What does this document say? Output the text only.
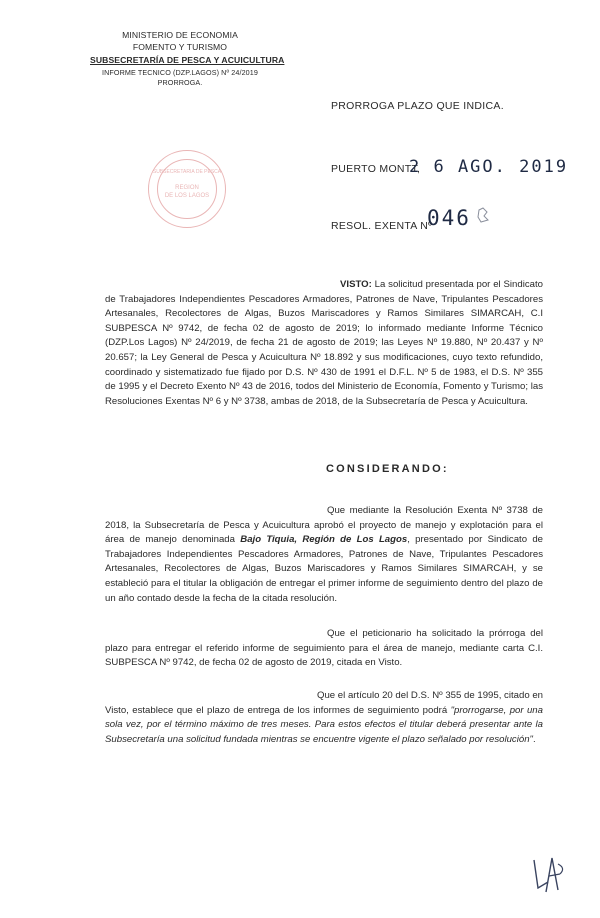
MINISTERIO DE ECONOMIA
FOMENTO Y TURISMO
SUBSECRETARÍA DE PESCA Y ACUICULTURA
INFORME TECNICO (DZP.LAGOS) Nº 24/2019
PRORROGA.
PRORROGA PLAZO QUE INDICA.
SUBSECRETARIA DE PESCA
REGION
DE LOS LAGOS
PUERTO MONTT,
2 6 AGO. 2019
RESOL. EXENTA Nº
046
VISTO: La solicitud presentada por el Sindicato de Trabajadores Independientes Pescadores Armadores, Patrones de Nave, Tripulantes Pescadores Artesanales, Recolectores de Algas, Buzos Mariscadores y Ramos Similares SIMARCAH, C.I SUBPESCA Nº 9742, de fecha 02 de agosto de 2019; lo informado mediante Informe Técnico (DZP.Los Lagos) Nº 24/2019, de fecha 21 de agosto de 2019; las Leyes Nº 19.880, Nº 20.437 y Nº 20.657; la Ley General de Pesca y Acuicultura Nº 18.892 y sus modificaciones, cuyo texto refundido, coordinado y sistematizado fue fijado por D.S. Nº 430 de 1991 el D.F.L. Nº 5 de 1983, el D.S. Nº 355 de 1995 y el Decreto Exento Nº 43 de 2016, todos del Ministerio de Economía, Fomento y Turismo; las Resoluciones Exentas Nº 6 y Nº 3738, ambas de 2018, de la Subsecretaría de Pesca y Acuicultura.
CONSIDERANDO:
Que mediante la Resolución Exenta Nº 3738 de 2018, la Subsecretaría de Pesca y Acuicultura aprobó el proyecto de manejo y explotación para el área de manejo denominada Bajo Tiquia, Región de Los Lagos, presentado por Sindicato de Trabajadores Independientes Pescadores Armadores, Patrones de Nave, Tripulantes Pescadores Artesanales, Recolectores de Algas, Buzos Mariscadores y Ramos Similares SIMARCAH, y se estableció para el titular la obligación de entregar el primer informe de seguimiento dentro del plazo de un año contado desde la fecha de la citada resolución.
Que el peticionario ha solicitado la prórroga del plazo para entregar el referido informe de seguimiento para el área de manejo, mediante carta C.I. SUBPESCA Nº 9742, de fecha 02 de agosto de 2019, citada en Visto.
Que el artículo 20 del D.S. Nº 355 de 1995, citado en Visto, establece que el plazo de entrega de los informes de seguimiento podrá "prorrogarse, por una sola vez, por el término máximo de tres meses. Para estos efectos el titular deberá presentar ante la Subsecretaría una solicitud fundada mientras se encuentre vigente el plazo señalado por resolución".
